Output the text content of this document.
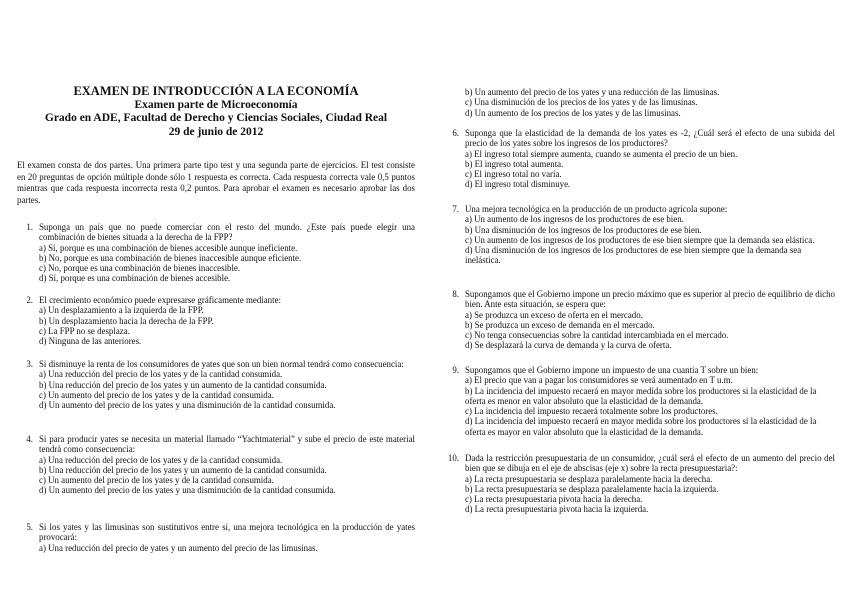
EXAMEN DE INTRODUCCIÓN A LA ECONOMÍA
Examen parte de Microeconomía
Grado en ADE, Facultad de Derecho y Ciencias Sociales, Ciudad Real
29 de junio de 2012
El examen consta de dos partes. Una primera parte tipo test y una segunda parte de ejercicios. El test consiste en 20 preguntas de opción múltiple donde sólo 1 respuesta es correcta. Cada respuesta correcta vale 0,5 puntos mientras que cada respuesta incorrecta resta 0,2 puntos. Para aprobar el examen es necesario aprobar las dos partes.
1. Suponga un país que no puede comerciar con el resto del mundo. ¿Este país puede elegir una combinación de bienes situada a la derecha de la FPP?
a) Sí, porque es una combinación de bienes accesible aunque ineficiente.
b) No, porque es una combinación de bienes inaccesible aunque eficiente.
c) No, porque es una combinación de bienes inaccesible.
d) Sí, porque es una combinación de bienes accesible.
2. El crecimiento económico puede expresarse gráficamente mediante:
a) Un desplazamiento a la izquierda de la FPP.
b) Un desplazamiento hacia la derecha de la FPP.
c) La FPP no se desplaza.
d) Ninguna de las anteriores.
3. Si disminuye la renta de los consumidores de yates que son un bien normal tendrá como consecuencia:
a) Una reducción del precio de los yates y de la cantidad consumida.
b) Una reducción del precio de los yates y un aumento de la cantidad consumida.
c) Un aumento del precio de los yates y de la cantidad consumida.
d) Un aumento del precio de los yates y una disminución de la cantidad consumida.
4. Si para producir yates se necesita un material llamado “Yachtmaterial” y sube el precio de este material tendrá como consecuencia:
a) Una reducción del precio de los yates y de la cantidad consumida.
b) Una reducción del precio de los yates y un aumento de la cantidad consumida.
c) Un aumento del precio de los yates y de la cantidad consumida.
d) Un aumento del precio de los yates y una disminución de la cantidad consumida.
5. Si los yates y las limusinas son sustitutivos entre sí, una mejora tecnológica en la producción de yates provocará:
a) Una reducción del precio de yates y un aumento del precio de las limusinas.
b) Un aumento del precio de los yates y una reducción de las limusinas.
c) Una disminución de los precios de los yates y de las limusinas.
d) Un aumento de los precios de los yates y de las limusinas.
6. Suponga que la elasticidad de la demanda de los yates es -2, ¿Cuál será el efecto de una subida del precio de los yates sobre los ingresos de los productores?
a) El ingreso total siempre aumenta, cuando se aumenta el precio de un bien.
b) El ingreso total aumenta.
c) El ingreso total no varía.
d) El ingreso total disminuye.
7. Una mejora tecnológica en la producción de un producto agrícola supone:
a) Un aumento de los ingresos de los productores de ese bien.
b) Una disminución de los ingresos de los productores de ese bien.
c) Un aumento de los ingresos de los productores de ese bien siempre que la demanda sea elástica.
d) Una disminución de los ingresos de los productores de ese bien siempre que la demanda sea inelástica.
8. Supongamos que el Gobierno impone un precio máximo que es superior al precio de equilibrio de dicho bien. Ante esta situación, se espera que:
a) Se produzca un exceso de oferta en el mercado.
b) Se produzca un exceso de demanda en el mercado.
c) No tenga consecuencias sobre la cantidad intercambiada en el mercado.
d) Se desplazará la curva de demanda y la curva de oferta.
9. Supongamos que el Gobierno impone un impuesto de una cuantía T sobre un bien:
a) El precio que van a pagar los consumidores se verá aumentado en T u.m.
b) La incidencia del impuesto recaerá en mayor medida sobre los productores si la elasticidad de la oferta es menor en valor absoluto que la elasticidad de la demanda.
c) La incidencia del impuesto recaerá totalmente sobre los productores.
d) La incidencia del impuesto recaerá en mayor medida sobre los productores si la elasticidad de la oferta es mayor en valor absoluto que la elasticidad de la demanda.
10. Dada la restricción presupuestaria de un consumidor, ¿cuál será el efecto de un aumento del precio del bien que se dibuja en el eje de abscisas (eje x) sobre la recta presupuestaria?:
a) La recta presupuestaria se desplaza paralelamente hacia la derecha.
b) La recta presupuestaria se desplaza paralelamente hacia la izquierda.
c) La recta presupuestaria pivota hacia la derecha.
d) La recta presupuestaria pivota hacia la izquierda.
